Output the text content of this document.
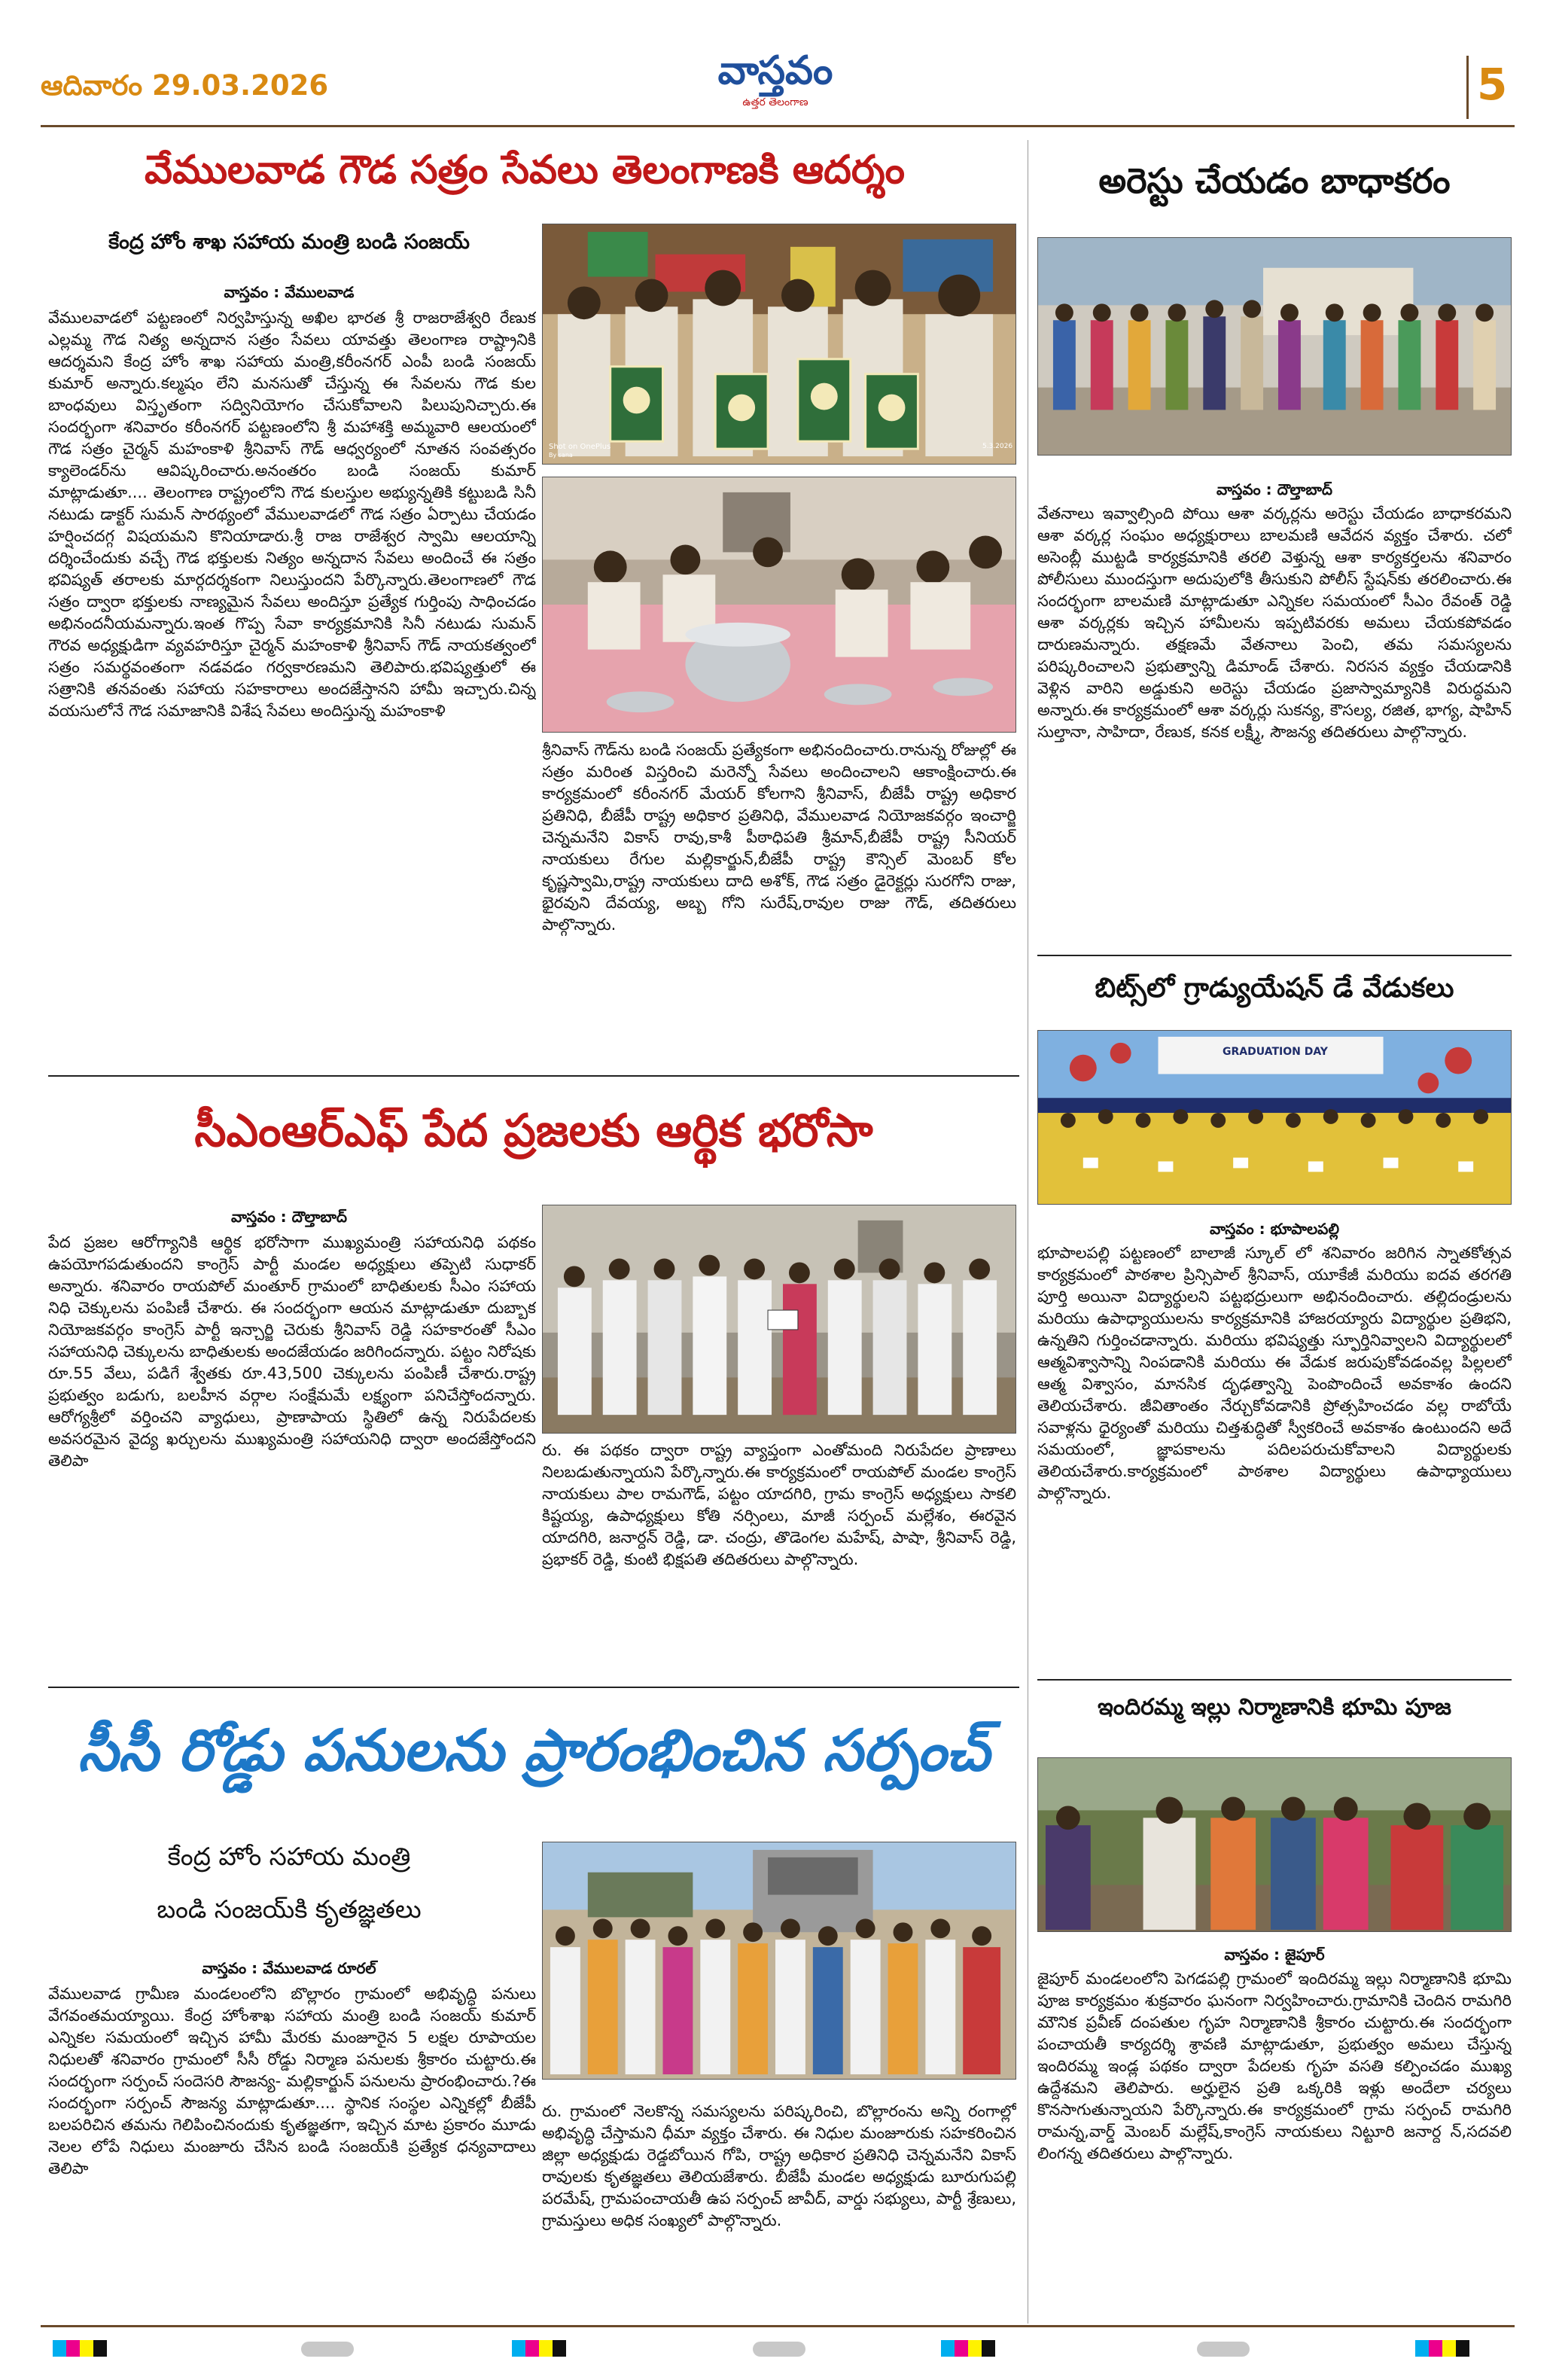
ఆదివారం 29.03.2026	వాస్తవం
ఉత్తర తెలంగాణ	5
వేములవాడ గౌడ సత్రం సేవలు తెలంగాణకి ఆదర్శం
కేంద్ర హోం శాఖ సహాయ మంత్రి బండి సంజయ్
వాస్తవం : వేములవాడ
వేములవాడలో పట్టణంలో నిర్వహిస్తున్న అఖిల భారత శ్రీ రాజరాజేశ్వరి రేణుక ఎల్లమ్మ గౌడ నిత్య అన్నదాన సత్రం సేవలు యావత్తు తెలంగాణ రాష్ట్రానికి ఆదర్శమని కేంద్ర హోం శాఖ సహాయ మంత్రి,కరీంనగర్ ఎంపీ బండి సంజయ్ కుమార్ అన్నారు.కల్మషం లేని మనసుతో చేస్తున్న ఈ సేవలను గౌడ కుల బాంధవులు విస్తృతంగా సద్వినియోగం చేసుకోవాలని పిలుపునిచ్చారు.ఈ సందర్భంగా శనివారం కరీంనగర్ పట్టణంలోని శ్రీ మహాశక్తి అమ్మవారి ఆలయంలో గౌడ సత్రం చైర్మన్ మహంకాళి శ్రీనివాస్ గౌడ్ ఆధ్వర్యంలో నూతన సంవత్సరం క్యాలెండర్‌ను ఆవిష్కరించారు.అనంతరం బండి సంజయ్ కుమార్ మాట్లాడుతూ.... తెలంగాణ రాష్ట్రంలోని గౌడ కులస్తుల అభ్యున్నతికి కట్టుబడి సినీ నటుడు డాక్టర్ సుమన్ సారథ్యంలో వేములవాడలో గౌడ సత్రం ఏర్పాటు చేయడం హర్షించదగ్గ విషయమని కొనియాడారు.శ్రీ రాజ రాజేశ్వర స్వామి ఆలయాన్ని దర్శించేందుకు వచ్చే గౌడ భక్తులకు నిత్యం అన్నదాన సేవలు అందించే ఈ సత్రం భవిష్యత్ తరాలకు మార్గదర్శకంగా నిలుస్తుందని పేర్కొన్నారు.తెలంగాణలో గౌడ సత్రం ద్వారా భక్తులకు నాణ్యమైన సేవలు అందిస్తూ ప్రత్యేక గుర్తింపు సాధించడం అభినందనీయమన్నారు.ఇంత గొప్ప సేవా కార్యక్రమానికి సినీ నటుడు సుమన్ గౌరవ అధ్యక్షుడిగా వ్యవహరిస్తూ చైర్మన్ మహంకాళి శ్రీనివాస్ గౌడ్ నాయకత్వంలో సత్రం సమర్థవంతంగా నడవడం గర్వకారణమని తెలిపారు.భవిష్యత్తులో ఈ సత్రానికి తనవంతు సహాయ సహకారాలు అందజేస్తానని హామీ ఇచ్చారు.చిన్న వయసులోనే గౌడ సమాజానికి విశేష సేవలు అందిస్తున్న మహంకాళి
Shot on OnePlus
By sana
5.3.2026
శ్రీనివాస్ గౌడ్‌ను బండి సంజయ్ ప్రత్యేకంగా అభినందించారు.రానున్న రోజుల్లో ఈ సత్రం మరింత విస్తరించి మరెన్నో సేవలు అందించాలని ఆకాంక్షించారు.ఈ కార్యక్రమంలో కరీంనగర్ మేయర్ కోలగాని శ్రీనివాస్, బీజేపీ రాష్ట్ర అధికార ప్రతినిధి, బీజేపీ రాష్ట్ర అధికార ప్రతినిధి, వేములవాడ నియోజకవర్గం ఇంచార్జి చెన్నమనేని వికాస్ రావు,కాశీ పీఠాధిపతి శ్రీమాన్,బీజేపీ రాష్ట్ర సీనియర్ నాయకులు రేగుల మల్లికార్జున్,బీజేపీ రాష్ట్ర కౌన్సిల్ మెంబర్ కోల కృష్ణస్వామి,రాష్ట్ర నాయకులు దాది అశోక్, గౌడ సత్రం డైరెక్టర్లు సురగోని రాజు, భైరవుని దేవయ్య, అబ్బ గోని సురేష్,రావుల రాజు గౌడ్, తదితరులు పాల్గొన్నారు.
అరెస్టు చేయడం బాధాకరం
వాస్తవం : దౌల్తాబాద్
వేతనాలు ఇవ్వాల్సింది పోయి ఆశా వర్కర్లను అరెస్టు చేయడం బాధాకరమని ఆశా వర్కర్ల సంఘం అధ్యక్షురాలు బాలమణి ఆవేదన వ్యక్తం చేశారు. చలో అసెంబ్లీ ముట్టడి కార్యక్రమానికి తరలి వెళ్తున్న ఆశా కార్యకర్తలను శనివారం పోలీసులు ముందస్తుగా అదుపులోకి తీసుకుని పోలీస్ స్టేషన్‌కు తరలించారు.ఈ సందర్భంగా బాలమణి మాట్లాడుతూ ఎన్నికల సమయంలో సీఎం రేవంత్ రెడ్డి ఆశా వర్కర్లకు ఇచ్చిన హామీలను ఇప్పటివరకు అమలు చేయకపోవడం దారుణమన్నారు. తక్షణమే వేతనాలు పెంచి, తమ సమస్యలను పరిష్కరించాలని ప్రభుత్వాన్ని డిమాండ్ చేశారు. నిరసన వ్యక్తం చేయడానికి వెళ్లిన వారిని అడ్డుకుని అరెస్టు చేయడం ప్రజాస్వామ్యానికి విరుద్ధమని అన్నారు.ఈ కార్యక్రమంలో ఆశా వర్కర్లు సుకన్య, కౌసల్య, రజిత, భాగ్య, షాహిన్ సుల్తానా, సాహిదా, రేణుక, కనక లక్ష్మీ, సౌజన్య తదితరులు పాల్గొన్నారు.
బిట్స్‌లో గ్రాడ్యుయేషన్ డే వేడుకలు
GRADUATION DAY
వాస్తవం : భూపాలపల్లి
భూపాలపల్లి పట్టణంలో బాలాజీ స్కూల్ లో శనివారం జరిగిన స్నాతకోత్సవ కార్యక్రమంలో పాఠశాల ప్రిన్సిపాల్ శ్రీనివాస్, యూకేజీ మరియు ఐదవ తరగతి పూర్తి అయినా విద్యార్థులని పట్టభద్రులుగా అభినందించారు. తల్లిదండ్రులను మరియు ఉపాధ్యాయులను కార్యక్రమానికి హాజరయ్యారు విద్యార్థుల ప్రతిభని, ఉన్నతిని గుర్తించడాన్నారు. మరియు భవిష్యత్తు స్ఫూర్తినివ్వాలని విద్యార్థులలో ఆత్మవిశ్వాసాన్ని నింపడానికి మరియు ఈ వేడుక జరుపుకోవడంవల్ల పిల్లలలో ఆత్మ విశ్వాసం, మానసిక దృఢత్వాన్ని పెంపొందించే అవకాశం ఉందని తెలియచేశారు. జీవితాంతం నేర్చుకోవడానికి ప్రోత్సహించడం వల్ల రాబోయే సవాళ్లను ధైర్యంతో మరియు చిత్తశుద్ధితో స్వీకరించే అవకాశం ఉంటుందని అదే సమయంలో, జ్ఞాపకాలను పదిలపరుచుకోవాలని విద్యార్థులకు తెలియచేశారు.కార్యక్రమంలో పాఠశాల విద్యార్థులు ఉపాధ్యాయులు పాల్గొన్నారు.
ఇందిరమ్మ ఇల్లు నిర్మాణానికి భూమి పూజ
వాస్తవం : జైపూర్
జైపూర్ మండలంలోని పెగడపల్లి గ్రామంలో ఇందిరమ్మ ఇల్లు నిర్మాణానికి భూమి పూజ కార్యక్రమం శుక్రవారం ఘనంగా నిర్వహించారు.గ్రామానికి చెందిన రామగిరి మౌనిక ప్రవీణ్ దంపతుల గృహ నిర్మాణానికి శ్రీకారం చుట్టారు.ఈ సందర్భంగా పంచాయతీ కార్యదర్శి శ్రావణి మాట్లాడుతూ, ప్రభుత్వం అమలు చేస్తున్న ఇందిరమ్మ ఇండ్ల పథకం ద్వారా పేదలకు గృహ వసతి కల్పించడం ముఖ్య ఉద్దేశమని తెలిపారు. అర్హులైన ప్రతి ఒక్కరికి ఇళ్లు అందేలా చర్యలు కొనసాగుతున్నాయని పేర్కొన్నారు.ఈ కార్యక్రమంలో గ్రామ సర్పంచ్ రామగిరి రామన్న,వార్డ్ మెంబర్ మల్లేష్,కాంగ్రెస్ నాయకులు నిట్టూరి జనార్ద న్,సదవలి లింగన్న తదితరులు పాల్గొన్నారు.
సీఎంఆర్ఎఫ్ పేద ప్రజలకు ఆర్థిక భరోసా
వాస్తవం : దౌల్తాబాద్
పేద ప్రజల ఆరోగ్యానికి ఆర్థిక భరోసాగా ముఖ్యమంత్రి సహాయనిధి పథకం ఉపయోగపడుతుందని కాంగ్రెస్ పార్టీ మండల అధ్యక్షులు తప్పెటి సుధాకర్ అన్నారు. శనివారం రాయపోల్ మంతూర్ గ్రామంలో బాధితులకు సీఎం సహాయ నిధి చెక్కులను పంపిణీ చేశారు. ఈ సందర్భంగా ఆయన మాట్లాడుతూ దుబ్బాక నియోజకవర్గం కాంగ్రెస్ పార్టీ ఇన్చార్జి చెరుకు శ్రీనివాస్ రెడ్డి సహకారంతో సీఎం సహాయనిధి చెక్కులను బాధితులకు అందజేయడం జరిగిందన్నారు. పట్టం నిరోషకు రూ.55 వేలు, పడిగే శ్వేతకు రూ.43,500 చెక్కులను పంపిణీ చేశారు.రాష్ట్ర ప్రభుత్వం బడుగు, బలహీన వర్గాల సంక్షేమమే లక్ష్యంగా పనిచేస్తోందన్నారు. ఆరోగ్యశ్రీలో వర్తించని వ్యాధులు, ప్రాణాపాయ స్థితిలో ఉన్న నిరుపేదలకు అవసరమైన వైద్య ఖర్చులను ముఖ్యమంత్రి సహాయనిధి ద్వారా అందజేస్తోందని తెలిపా
రు. ఈ పథకం ద్వారా రాష్ట్ర వ్యాప్తంగా ఎంతోమంది నిరుపేదల ప్రాణాలు నిలబడుతున్నాయని పేర్కొన్నారు.ఈ కార్యక్రమంలో రాయపోల్ మండల కాంగ్రెస్ నాయకులు పాల రామగౌడ్, పట్టం యాదగిరి, గ్రామ కాంగ్రెస్ అధ్యక్షులు సాకలి కిష్టయ్య, ఉపాధ్యక్షులు కోతి నర్సింలు, మాజీ సర్పంచ్ మల్లేశం, ఈరవైన యాదగిరి, జనార్దన్ రెడ్డి, డా. చంద్రు, తొడెంగల మహేష్, పాషా, శ్రీనివాస్ రెడ్డి, ప్రభాకర్ రెడ్డి, కుంటి భిక్షపతి తదితరులు పాల్గొన్నారు.
సీసీ రోడ్డు పనులను ప్రారంభించిన సర్పంచ్
కేంద్ర హోం సహాయ మంత్రి
బండి సంజయ్‌కి కృతజ్ఞతలు
వాస్తవం : వేములవాడ రూరల్
వేములవాడ గ్రామీణ మండలంలోని బొల్లారం గ్రామంలో అభివృద్ధి పనులు వేగవంతమయ్యాయి. కేంద్ర హోంశాఖ సహాయ మంత్రి బండి సంజయ్ కుమార్ ఎన్నికల సమయంలో ఇచ్చిన హామీ మేరకు మంజూరైన 5 లక్షల రూపాయల నిధులతో శనివారం గ్రామంలో సీసీ రోడ్డు నిర్మాణ పనులకు శ్రీకారం చుట్టారు.ఈ సందర్భంగా సర్పంచ్ సందెసరి సౌజన్య- మల్లికార్జున్ పనులను ప్రారంభించారు.?ఈ సందర్భంగా సర్పంచ్ సౌజన్య మాట్లాడుతూ.... స్థానిక సంస్థల ఎన్నికల్లో బీజేపీ బలపరిచిన తమను గెలిపించినందుకు కృతజ్ఞతగా, ఇచ్చిన మాట ప్రకారం మూడు నెలల లోపే నిధులు మంజూరు చేసిన బండి సంజయ్‌కి ప్రత్యేక ధన్యవాదాలు తెలిపా
రు. గ్రామంలో నెలకొన్న సమస్యలను పరిష్కరించి, బొల్లారంను అన్ని రంగాల్లో అభివృద్ధి చేస్తామని ధీమా వ్యక్తం చేశారు. ఈ నిధుల మంజూరుకు సహకరించిన జిల్లా అధ్యక్షుడు రెడ్డబోయిన గోపి, రాష్ట్ర అధికార ప్రతినిధి చెన్నమనేని వికాస్ రావులకు కృతజ్ఞతలు తెలియజేశారు. బీజేపీ మండల అధ్యక్షుడు బూరుగుపల్లి పరమేష్, గ్రామపంచాయతీ ఉప సర్పంచ్ జావీద్, వార్డు సభ్యులు, పార్టీ శ్రేణులు, గ్రామస్తులు అధిక సంఖ్యలో పాల్గొన్నారు.
